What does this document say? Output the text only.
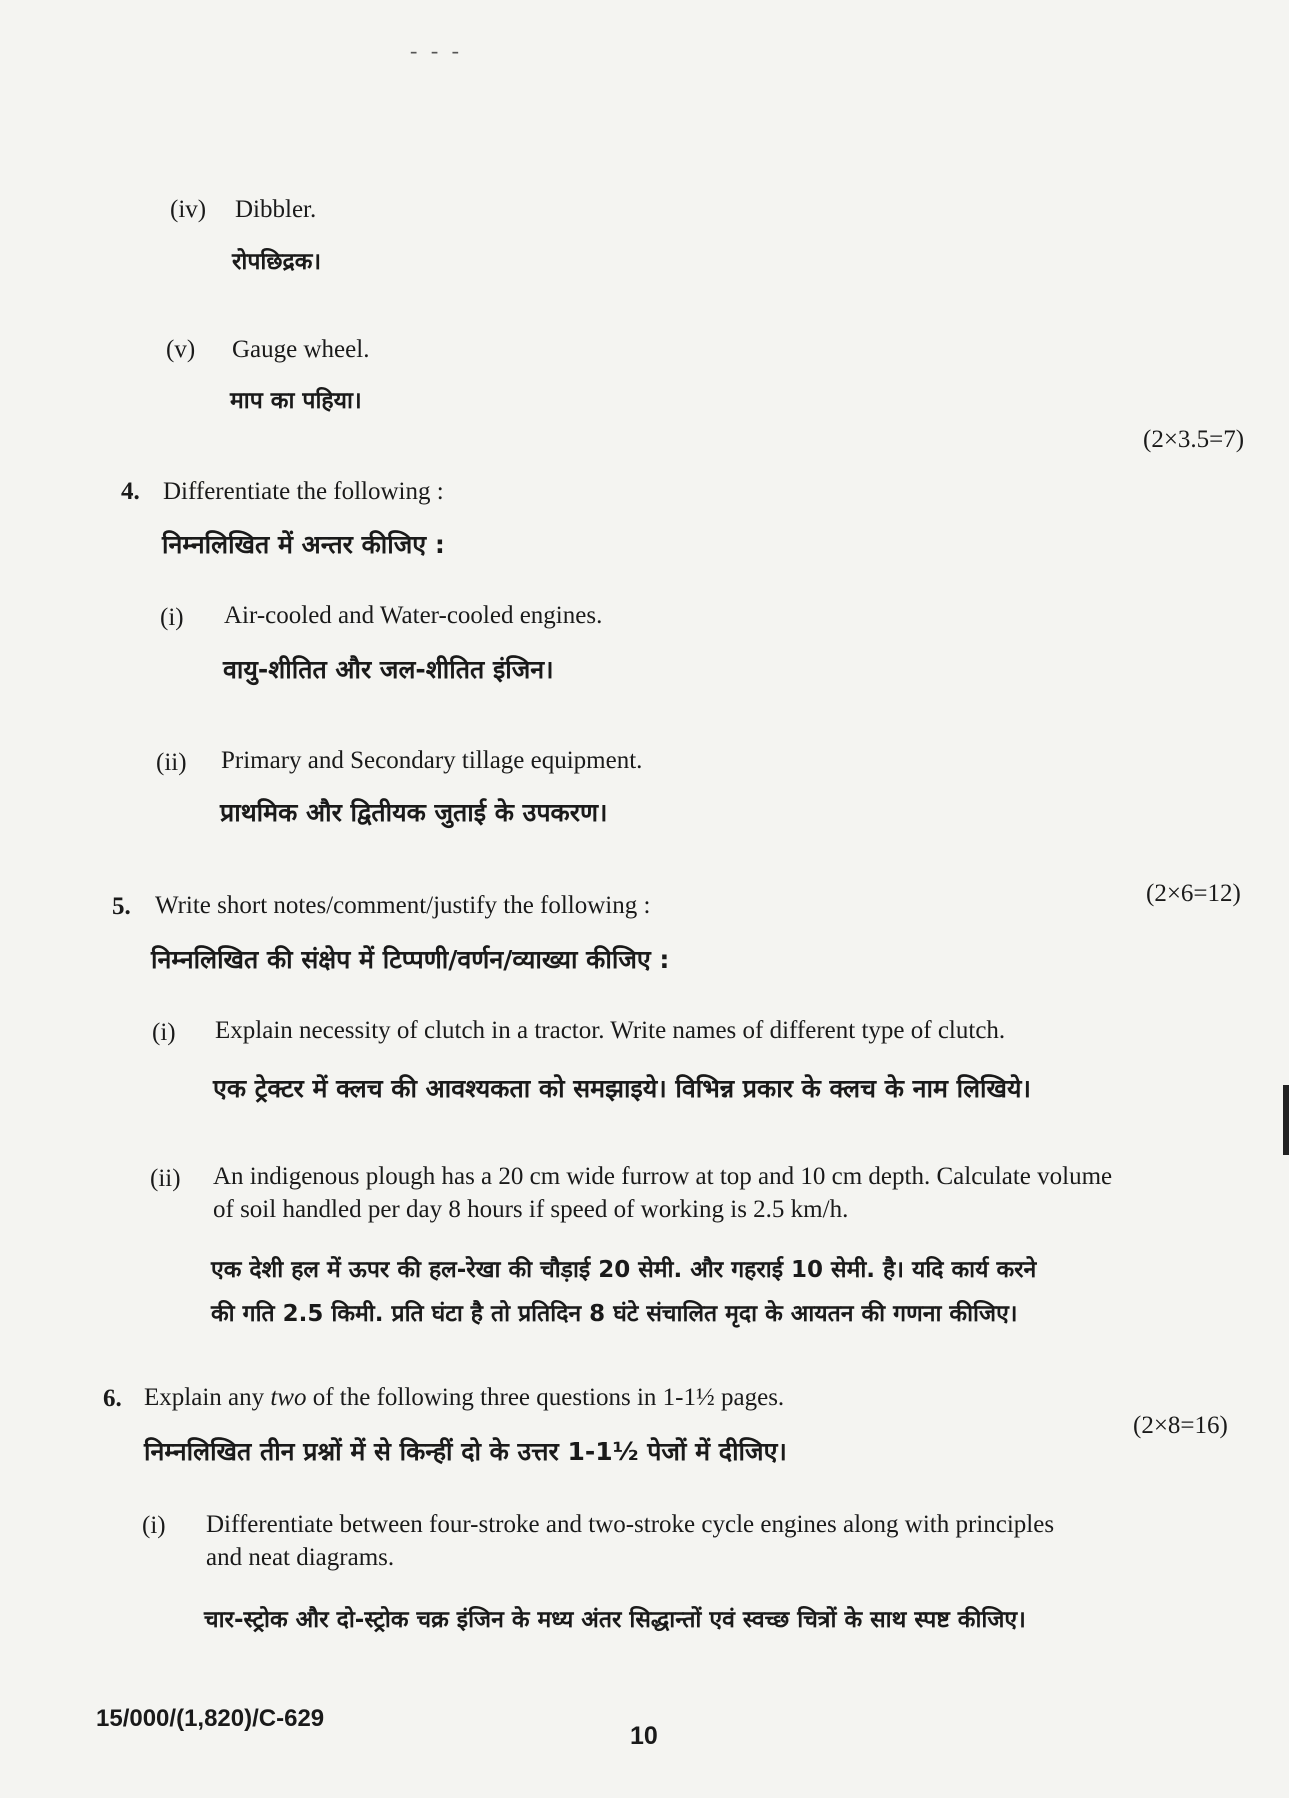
- - -
(iv) Dibbler.
रोपछिद्रक।
(v) Gauge wheel.
माप का पहिया।
(2×3.5=7)
4. Differentiate the following :
निम्नलिखित में अन्तर कीजिए :
(i) Air-cooled and Water-cooled engines.
वायु-शीतित और जल-शीतित इंजिन।
(ii) Primary and Secondary tillage equipment.
प्राथमिक और द्वितीयक जुताई के उपकरण।
5. Write short notes/comment/justify the following :	(2×6=12)
निम्नलिखित की संक्षेप में टिप्पणी/वर्णन/व्याख्या कीजिए :
(i) Explain necessity of clutch in a tractor. Write names of different type of clutch.
एक ट्रेक्टर में क्लच की आवश्यकता को समझाइये। विभिन्न प्रकार के क्लच के नाम लिखिये।
(ii) An indigenous plough has a 20 cm wide furrow at top and 10 cm depth. Calculate volume
of soil handled per day 8 hours if speed of working is 2.5 km/h.
एक देशी हल में ऊपर की हल-रेखा की चौड़ाई 20 सेमी. और गहराई 10 सेमी. है। यदि कार्य करने
की गति 2.5 किमी. प्रति घंटा है तो प्रतिदिन 8 घंटे संचालित मृदा के आयतन की गणना कीजिए।
6. Explain any two of the following three questions in 1-1½ pages.
(2×8=16)
निम्नलिखित तीन प्रश्नों में से किन्हीं दो के उत्तर 1-1½ पेजों में दीजिए।
(i) Differentiate between four-stroke and two-stroke cycle engines along with principles
and neat diagrams.
चार-स्ट्रोक और दो-स्ट्रोक चक्र इंजिन के मध्य अंतर सिद्धान्तों एवं स्वच्छ चित्रों के साथ स्पष्ट कीजिए।
15/000/(1,820)/C-629
10
